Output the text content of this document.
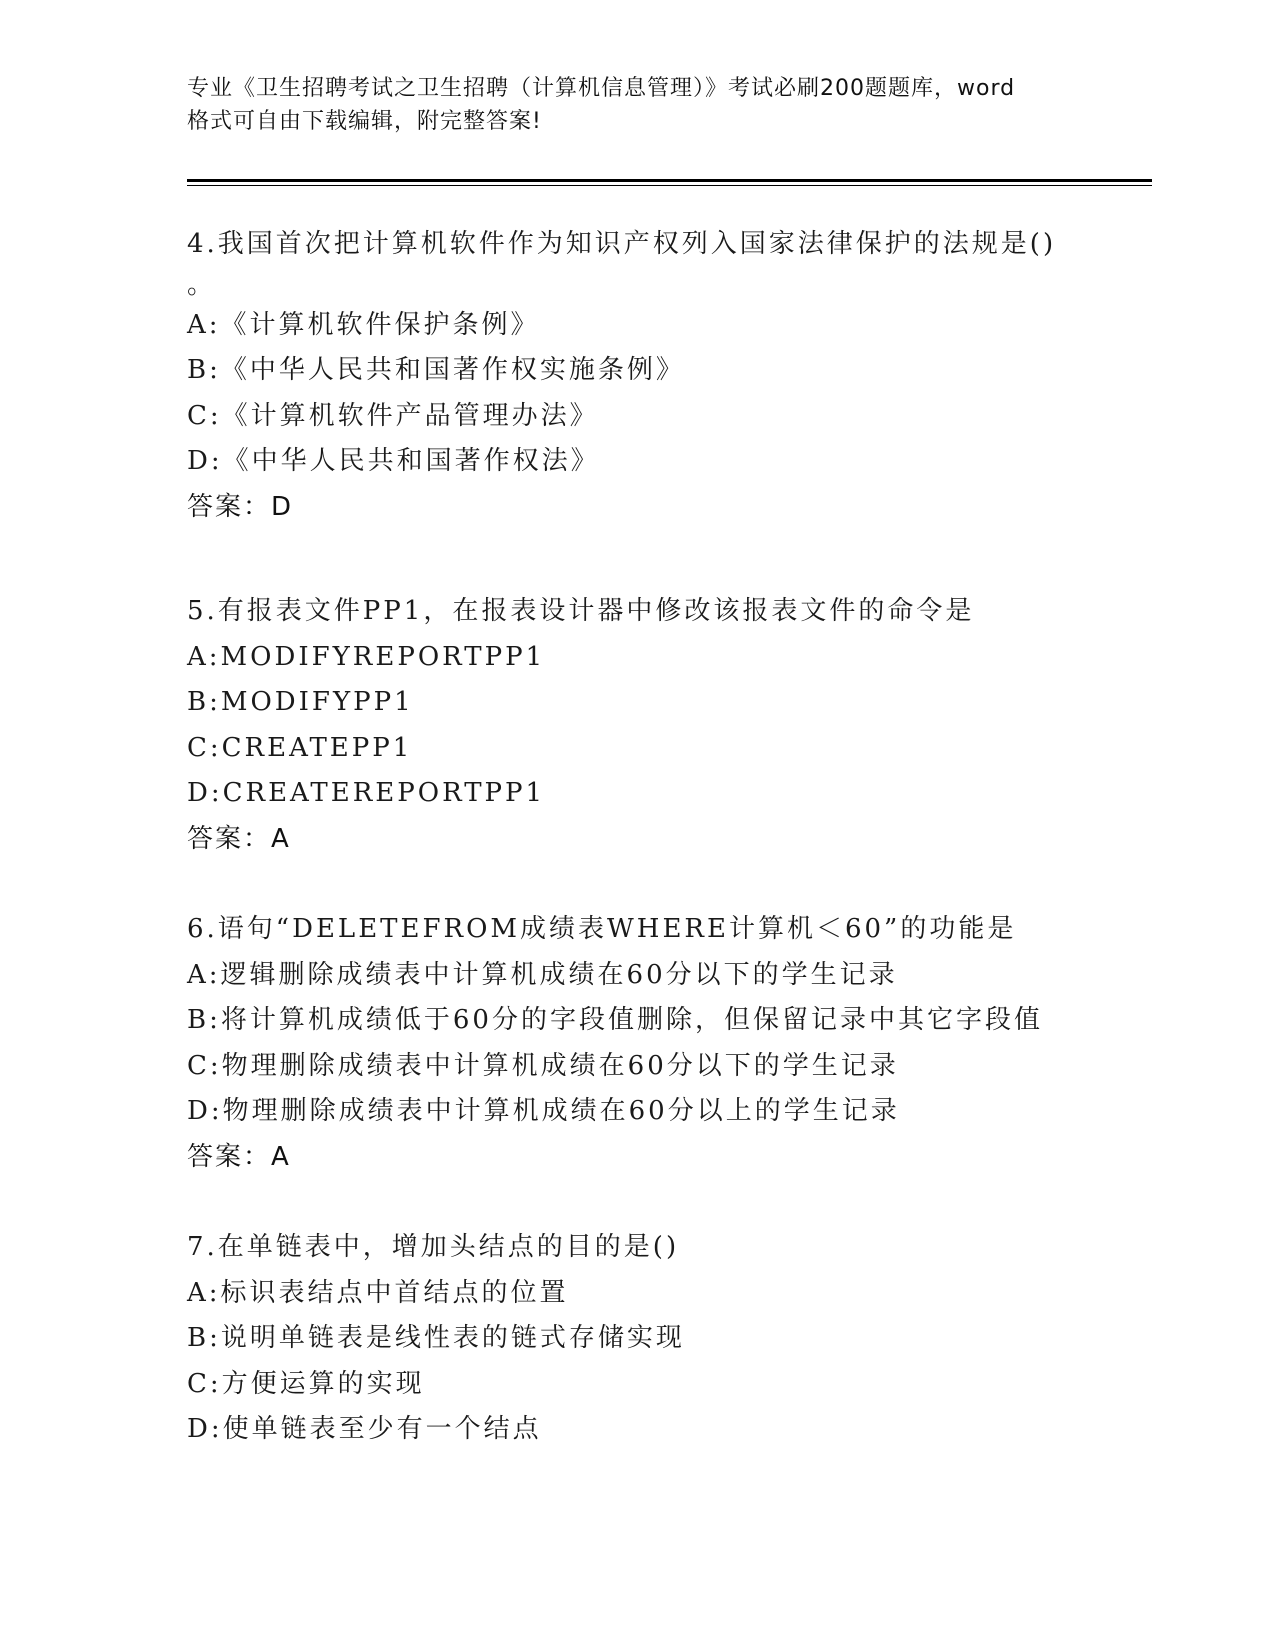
专业《卫生招聘考试之卫生招聘（计算机信息管理）》考试必刷200题题库，word
格式可自由下载编辑，附完整答案!
4.我国首次把计算机软件作为知识产权列入国家法律保护的法规是()
。
A:《计算机软件保护条例》
B:《中华人民共和国著作权实施条例》
C:《计算机软件产品管理办法》
D:《中华人民共和国著作权法》
答案：D
5.有报表文件PP1，在报表设计器中修改该报表文件的命令是
A:MODIFYREPORTPP1
B:MODIFYPP1
C:CREATEPP1
D:CREATEREPORTPP1
答案：A
6.语句“DELETEFROM成绩表WHERE计算机＜60”的功能是
A:逻辑删除成绩表中计算机成绩在60分以下的学生记录
B:将计算机成绩低于60分的字段值删除，但保留记录中其它字段值
C:物理删除成绩表中计算机成绩在60分以下的学生记录
D:物理删除成绩表中计算机成绩在60分以上的学生记录
答案：A
7.在单链表中，增加头结点的目的是()
A:标识表结点中首结点的位置
B:说明单链表是线性表的链式存储实现
C:方便运算的实现
D:使单链表至少有一个结点
